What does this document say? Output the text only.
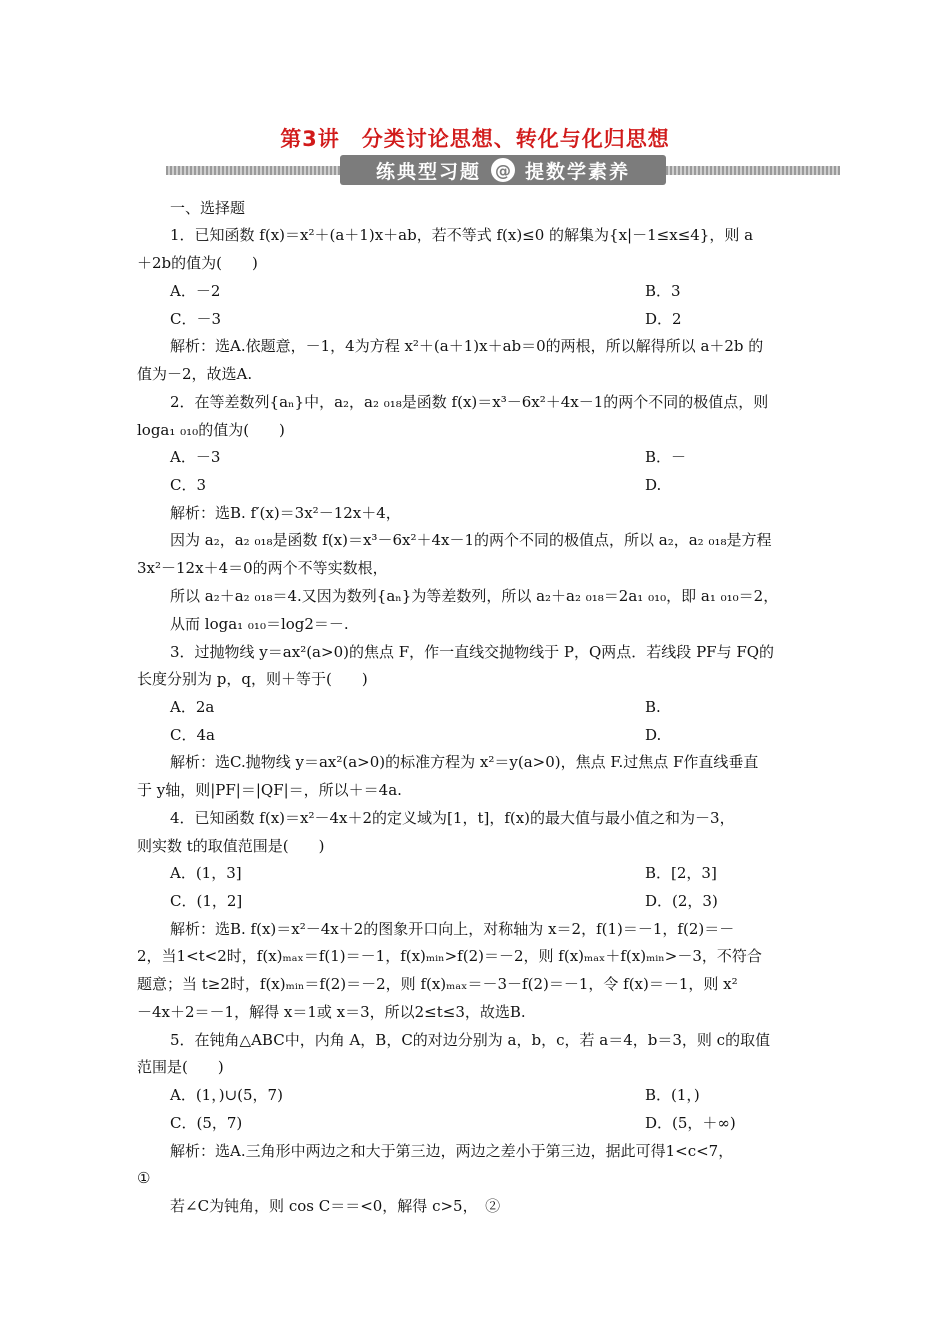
第3讲　分类讨论思想、转化与化归思想
练典型习题 @ 提数学素养
一、选择题
1．已知函数 f(x)＝x²＋(a＋1)x＋ab，若不等式 f(x)≤0 的解集为{x|－1≤x≤4}，则 a
＋2b的值为(　　)
A．－2	B．3
C．－3	D．2
解析：选A.依题意，－1，4为方程 x²＋(a＋1)x＋ab＝0的两根，所以解得所以 a＋2b 的
值为－2，故选A.
2．在等差数列{aₙ}中，a₂，a₂ ₀₁₈是函数 f(x)＝x³－6x²＋4x－1的两个不同的极值点，则
loga₁ ₀₁₀的值为(　　)
A．－3	B．－
C．3	D.
解析：选B. f′(x)＝3x²－12x＋4，
因为 a₂，a₂ ₀₁₈是函数 f(x)＝x³－6x²＋4x－1的两个不同的极值点，所以 a₂，a₂ ₀₁₈是方程
3x²－12x＋4＝0的两个不等实数根，
所以 a₂＋a₂ ₀₁₈＝4.又因为数列{aₙ}为等差数列，所以 a₂＋a₂ ₀₁₈＝2a₁ ₀₁₀，即 a₁ ₀₁₀＝2，
从而 loga₁ ₀₁₀＝log2＝－.
3．过抛物线 y＝ax²(a>0)的焦点 F，作一直线交抛物线于 P，Q两点．若线段 PF与 FQ的
长度分别为 p，q，则＋等于(　　)
A．2a	B.
C．4a	D.
解析：选C.抛物线 y＝ax²(a>0)的标准方程为 x²＝y(a>0)，焦点 F.过焦点 F作直线垂直
于 y轴，则|PF|＝|QF|＝，所以＋＝4a.
4．已知函数 f(x)＝x²－4x＋2的定义域为[1，t]，f(x)的最大值与最小值之和为－3，
则实数 t的取值范围是(　　)
A．(1，3]	B．[2，3]
C．(1，2]	D．(2，3)
解析：选B. f(x)＝x²－4x＋2的图象开口向上，对称轴为 x＝2，f(1)＝－1，f(2)＝－
2，当1<t<2时，f(x)ₘₐₓ＝f(1)＝－1，f(x)ₘᵢₙ>f(2)＝－2，则 f(x)ₘₐₓ＋f(x)ₘᵢₙ>－3，不符合
题意；当 t≥2时，f(x)ₘᵢₙ＝f(2)＝－2，则 f(x)ₘₐₓ＝－3－f(2)＝－1，令 f(x)＝－1，则 x²
－4x＋2＝－1，解得 x＝1或 x＝3，所以2≤t≤3，故选B.
5．在钝角△ABC中，内角 A，B，C的对边分别为 a，b，c，若 a＝4，b＝3，则 c的取值
范围是(　　)
A．(1，)∪(5，7)	B．(1，)
C．(5，7)	D．(5，＋∞)
解析：选A.三角形中两边之和大于第三边，两边之差小于第三边，据此可得1<c<7，
①
若∠C为钝角，则 cos C＝＝<0，解得 c>5，　②
